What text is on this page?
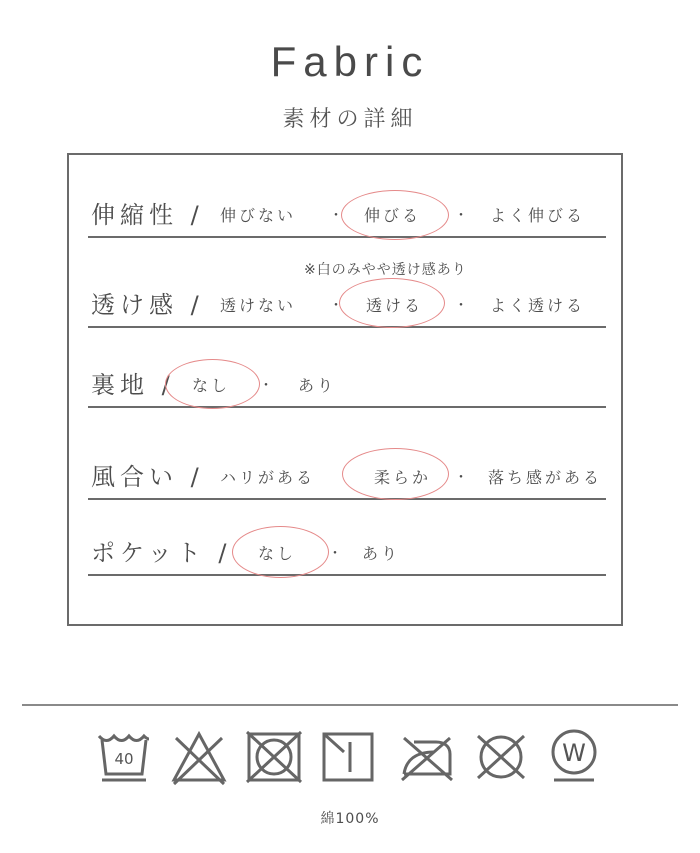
Fabric
素材の詳細
伸縮性 / 伸びない ・ 伸びる ・ よく伸びる
※白のみやや透け感あり
透け感 / 透けない ・ 透ける ・ よく透ける
裏地 / なし ・ あり
風合い / ハリがある	柔らか ・ 落ち感がある
ポケット / なし ・ あり
40	W
綿100%
